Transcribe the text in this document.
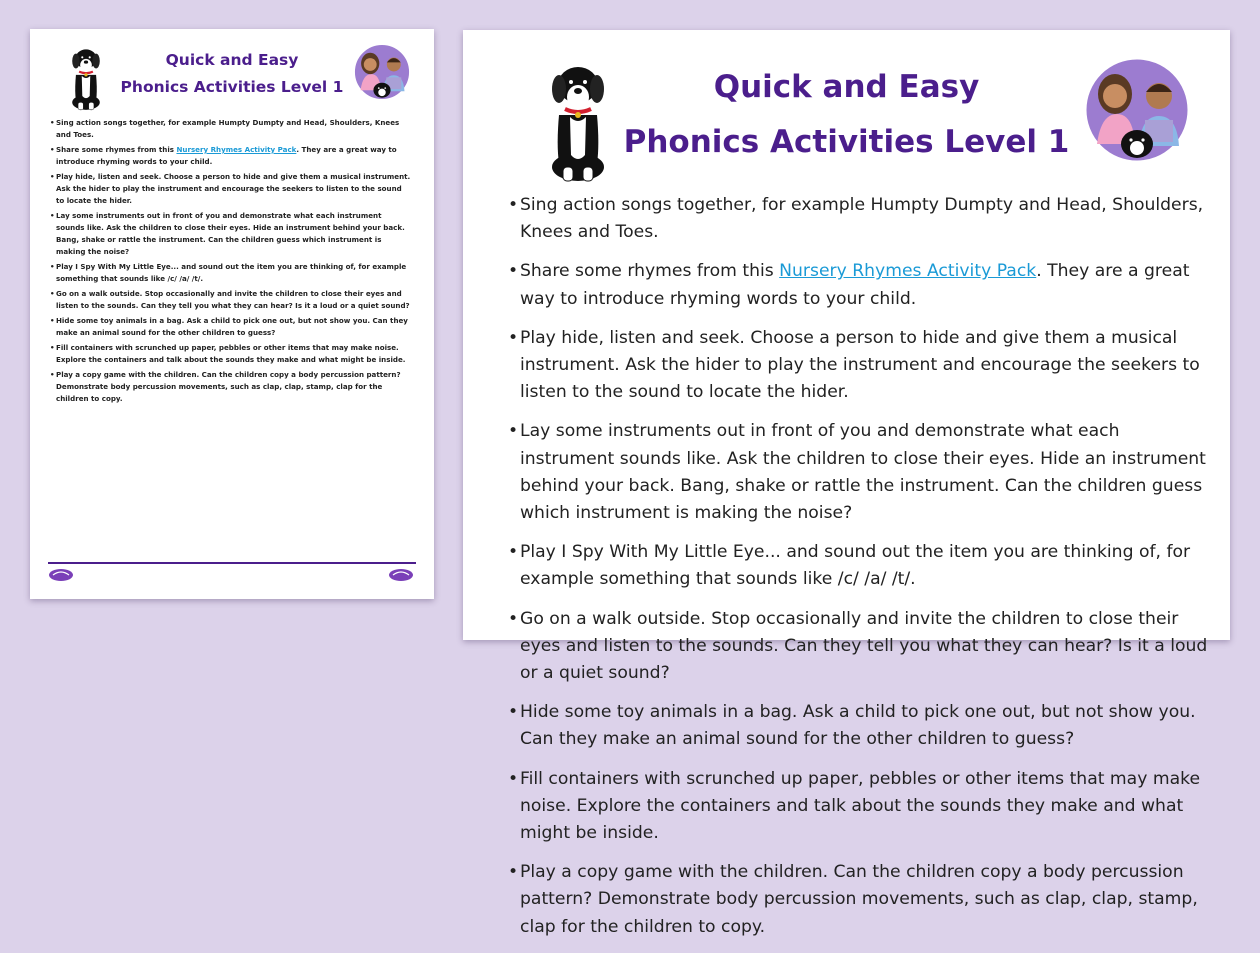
Quick and Easy
Phonics Activities Level 1
• Sing action songs together, for example Humpty Dumpty and Head, Shoulders, Knees and Toes.
• Share some rhymes from this Nursery Rhymes Activity Pack. They are a great way to introduce rhyming words to your child.
• Play hide, listen and seek. Choose a person to hide and give them a musical instrument. Ask the hider to play the instrument and encourage the seekers to listen to the sound to locate the hider.
• Lay some instruments out in front of you and demonstrate what each instrument sounds like. Ask the children to close their eyes. Hide an instrument behind your back. Bang, shake or rattle the instrument. Can the children guess which instrument is making the noise?
• Play I Spy With My Little Eye... and sound out the item you are thinking of, for example something that sounds like /c/ /a/ /t/.
• Go on a walk outside. Stop occasionally and invite the children to close their eyes and listen to the sounds. Can they tell you what they can hear? Is it a loud or a quiet sound?
• Hide some toy animals in a bag. Ask a child to pick one out, but not show you. Can they make an animal sound for the other children to guess?
• Fill containers with scrunched up paper, pebbles or other items that may make noise. Explore the containers and talk about the sounds they make and what might be inside.
• Play a copy game with the children. Can the children copy a body percussion pattern? Demonstrate body percussion movements, such as clap, clap, stamp, clap for the children to copy.
Quick and Easy
Phonics Activities Level 1
• Sing action songs together, for example Humpty Dumpty and Head, Shoulders, Knees and Toes.
• Share some rhymes from this Nursery Rhymes Activity Pack. They are a great way to introduce rhyming words to your child.
• Play hide, listen and seek. Choose a person to hide and give them a musical instrument. Ask the hider to play the instrument and encourage the seekers to listen to the sound to locate the hider.
• Lay some instruments out in front of you and demonstrate what each instrument sounds like. Ask the children to close their eyes. Hide an instrument behind your back. Bang, shake or rattle the instrument. Can the children guess which instrument is making the noise?
• Play I Spy With My Little Eye... and sound out the item you are thinking of, for example something that sounds like /c/ /a/ /t/.
• Go on a walk outside. Stop occasionally and invite the children to close their eyes and listen to the sounds. Can they tell you what they can hear? Is it a loud or a quiet sound?
• Hide some toy animals in a bag. Ask a child to pick one out, but not show you. Can they make an animal sound for the other children to guess?
• Fill containers with scrunched up paper, pebbles or other items that may make noise. Explore the containers and talk about the sounds they make and what might be inside.
• Play a copy game with the children. Can the children copy a body percussion pattern? Demonstrate body percussion movements, such as clap, clap, stamp, clap for the children to copy.
